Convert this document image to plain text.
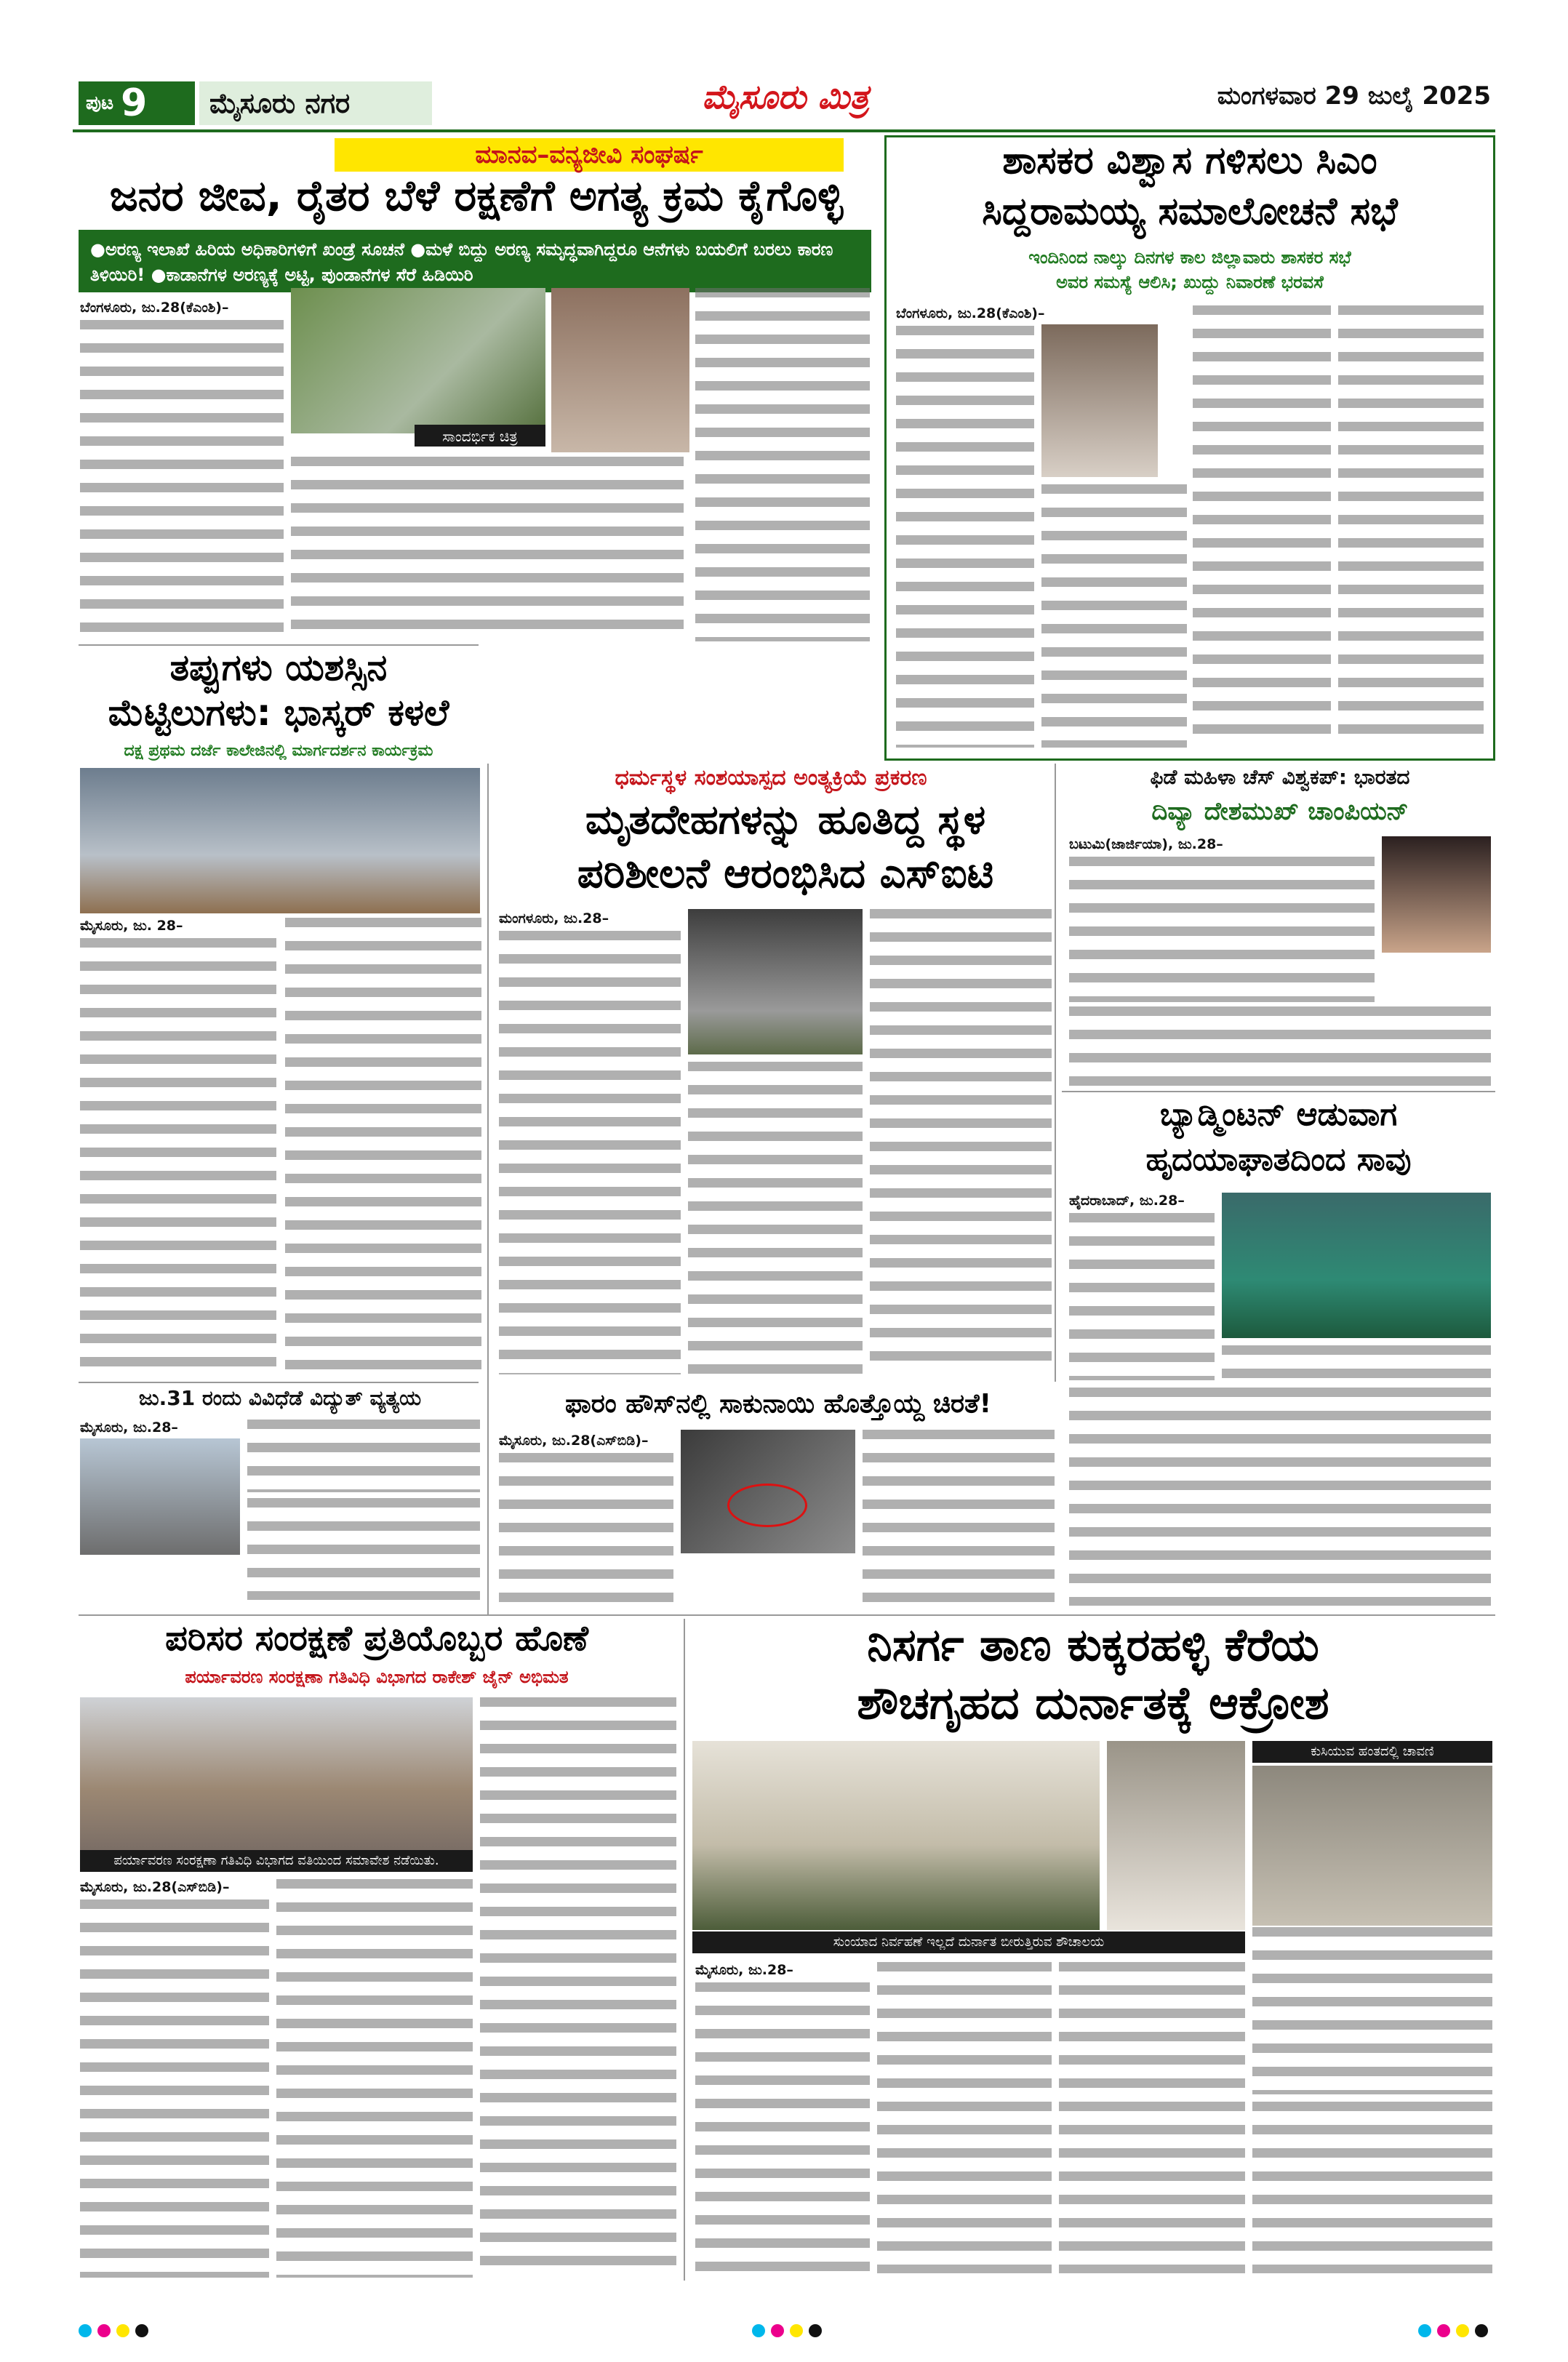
ಪುಟ 9	ಮೈಸೂರು ನಗರ	ಮೈಸೂರು ಮಿತ್ರ	ಮಂಗಳವಾರ 29 ಜುಲೈ 2025
ಮಾನವ–ವನ್ಯಜೀವಿ ಸಂಘರ್ಷ
ಜನರ ಜೀವ, ರೈತರ ಬೆಳೆ ರಕ್ಷಣೆಗೆ ಅಗತ್ಯ ಕ್ರಮ ಕೈಗೊಳ್ಳಿ
● ಅರಣ್ಯ ಇಲಾಖೆ ಹಿರಿಯ ಅಧಿಕಾರಿಗಳಿಗೆ ಖಂಡ್ರೆ ಸೂಚನೆ ● ಮಳೆ ಬಿದ್ದು ಅರಣ್ಯ ಸಮೃದ್ಧವಾಗಿದ್ದರೂ ಆನೆಗಳು ಬಯಲಿಗೆ ಬರಲು ಕಾರಣ ತಿಳಿಯಿರಿ! ● ಕಾಡಾನೆಗಳ ಅರಣ್ಯಕ್ಕೆ ಅಟ್ಟಿ, ಪುಂಡಾನೆಗಳ ಸೆರೆ ಹಿಡಿಯಿರಿ
ಬೆಂಗಳೂರು, ಜು.28(ಕೆಎಂಶಿ)–
ಸಾಂದರ್ಭಿಕ ಚಿತ್ರ
ಶಾಸಕರ ವಿಶ್ವಾಸ ಗಳಿಸಲು ಸಿಎಂ
ಸಿದ್ದರಾಮಯ್ಯ ಸಮಾಲೋಚನೆ ಸಭೆ
ಇಂದಿನಿಂದ ನಾಲ್ಕು ದಿನಗಳ ಕಾಲ ಜಿಲ್ಲಾವಾರು ಶಾಸಕರ ಸಭೆ
ಅವರ ಸಮಸ್ಯೆ ಆಲಿಸಿ; ಖುದ್ದು ನಿವಾರಣೆ ಭರವಸೆ
ಬೆಂಗಳೂರು, ಜು.28(ಕೆಎಂಶಿ)–
ತಪ್ಪುಗಳು ಯಶಸ್ಸಿನ
ಮೆಟ್ಟಿಲುಗಳು: ಭಾಸ್ಕರ್ ಕಳಲೆ
ದಕ್ಷ ಪ್ರಥಮ ದರ್ಜೆ ಕಾಲೇಜಿನಲ್ಲಿ ಮಾರ್ಗದರ್ಶನ ಕಾರ್ಯಕ್ರಮ
ಮೈಸೂರು, ಜು. 28–
ಧರ್ಮಸ್ಥಳ ಸಂಶಯಾಸ್ಪದ ಅಂತ್ಯಕ್ರಿಯೆ ಪ್ರಕರಣ
ಮೃತದೇಹಗಳನ್ನು ಹೂತಿದ್ದ ಸ್ಥಳ
ಪರಿಶೀಲನೆ ಆರಂಭಿಸಿದ ಎಸ್ಐಟಿ
ಮಂಗಳೂರು, ಜು.28–
ಫಿಡೆ ಮಹಿಳಾ ಚೆಸ್ ವಿಶ್ವಕಪ್: ಭಾರತದ
ದಿವ್ಯಾ ದೇಶಮುಖ್ ಚಾಂಪಿಯನ್
ಬಟುಮಿ(ಜಾರ್ಜಿಯಾ), ಜು.28–
ಬ್ಯಾಡ್ಮಿಂಟನ್ ಆಡುವಾಗ
ಹೃದಯಾಘಾತದಿಂದ ಸಾವು
ಹೈದರಾಬಾದ್, ಜು.28–
ಜು.31 ರಂದು ವಿವಿಧೆಡೆ ವಿದ್ಯುತ್ ವ್ಯತ್ಯಯ
ಮೈಸೂರು, ಜು.28–
ಫಾರಂ ಹೌಸ್‌ನಲ್ಲಿ ಸಾಕುನಾಯಿ ಹೊತ್ತೊಯ್ದ ಚಿರತೆ!
ಮೈಸೂರು, ಜು.28(ಎಸ್‌ಬಿಡಿ)–
ಪರಿಸರ ಸಂರಕ್ಷಣೆ ಪ್ರತಿಯೊಬ್ಬರ ಹೊಣೆ
ಪರ್ಯಾವರಣ ಸಂರಕ್ಷಣಾ ಗತಿವಿಧಿ ವಿಭಾಗದ ರಾಕೇಶ್ ಜೈನ್ ಅಭಿಮತ
ಪರ್ಯಾವರಣ ಸಂರಕ್ಷಣಾ ಗತಿವಿಧಿ ವಿಭಾಗದ ವತಿಯಿಂದ ಸಮಾವೇಶ ನಡೆಯಿತು.
ಮೈಸೂರು, ಜು.28(ಎಸ್‌ಬಿಡಿ)–
ನಿಸರ್ಗ ತಾಣ ಕುಕ್ಕರಹಳ್ಳಿ ಕೆರೆಯ
ಶೌಚಗೃಹದ ದುರ್ನಾತಕ್ಕೆ ಆಕ್ರೋಶ
ಸುಂಯಾದ ನಿರ್ವಹಣೆ ಇಲ್ಲದೆ ದುರ್ನಾತ ಬೀರುತ್ತಿರುವ ಶೌಚಾಲಯ
ಕುಸಿಯುವ ಹಂತದಲ್ಲಿ ಚಾವಣಿ
ಮೈಸೂರು, ಜು.28–
